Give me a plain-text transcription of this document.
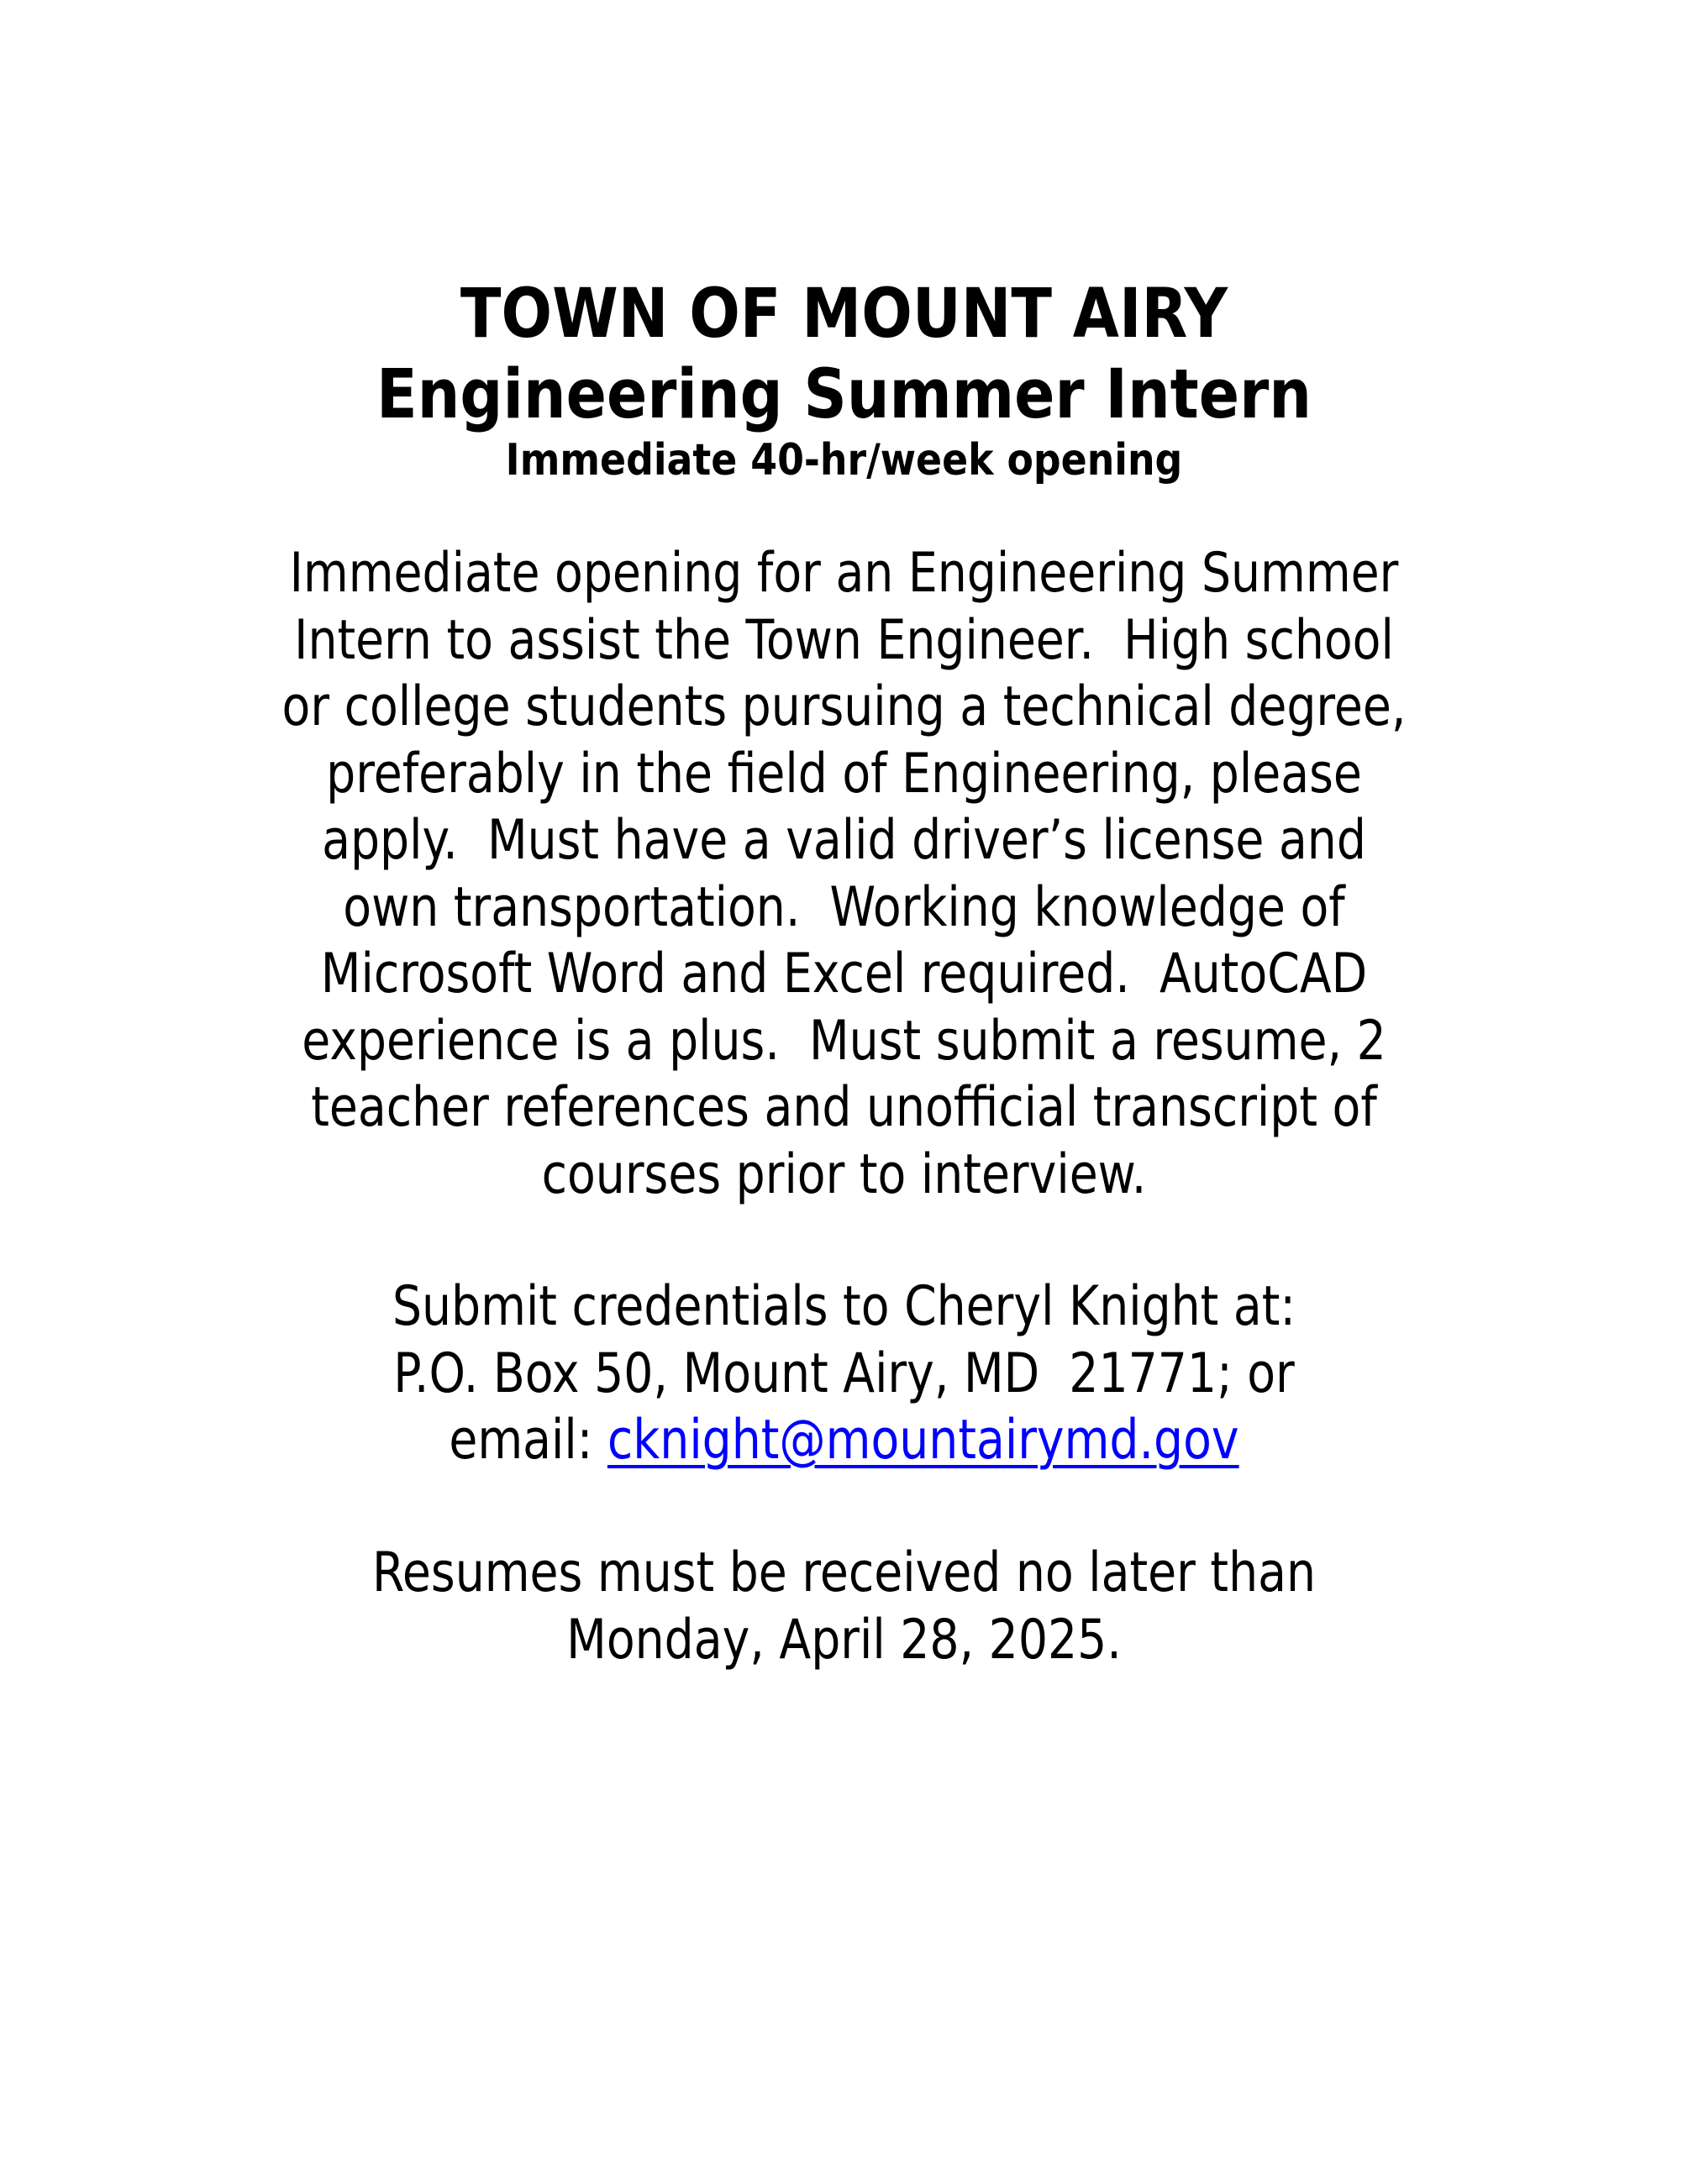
TOWN OF MOUNT AIRY
Engineering Summer Intern
Immediate 40-hr/week opening
Immediate opening for an Engineering Summer
Intern to assist the Town Engineer.  High school
or college students pursuing a technical degree,
preferably in the field of Engineering, please
apply.  Must have a valid driver’s license and
own transportation.  Working knowledge of
Microsoft Word and Excel required.  AutoCAD
experience is a plus.  Must submit a resume, 2
teacher references and unofficial transcript of
courses prior to interview.
Submit credentials to Cheryl Knight at:
P.O. Box 50, Mount Airy, MD  21771; or
email: cknight@mountairymd.gov
Resumes must be received no later than
Monday, April 28, 2025.
